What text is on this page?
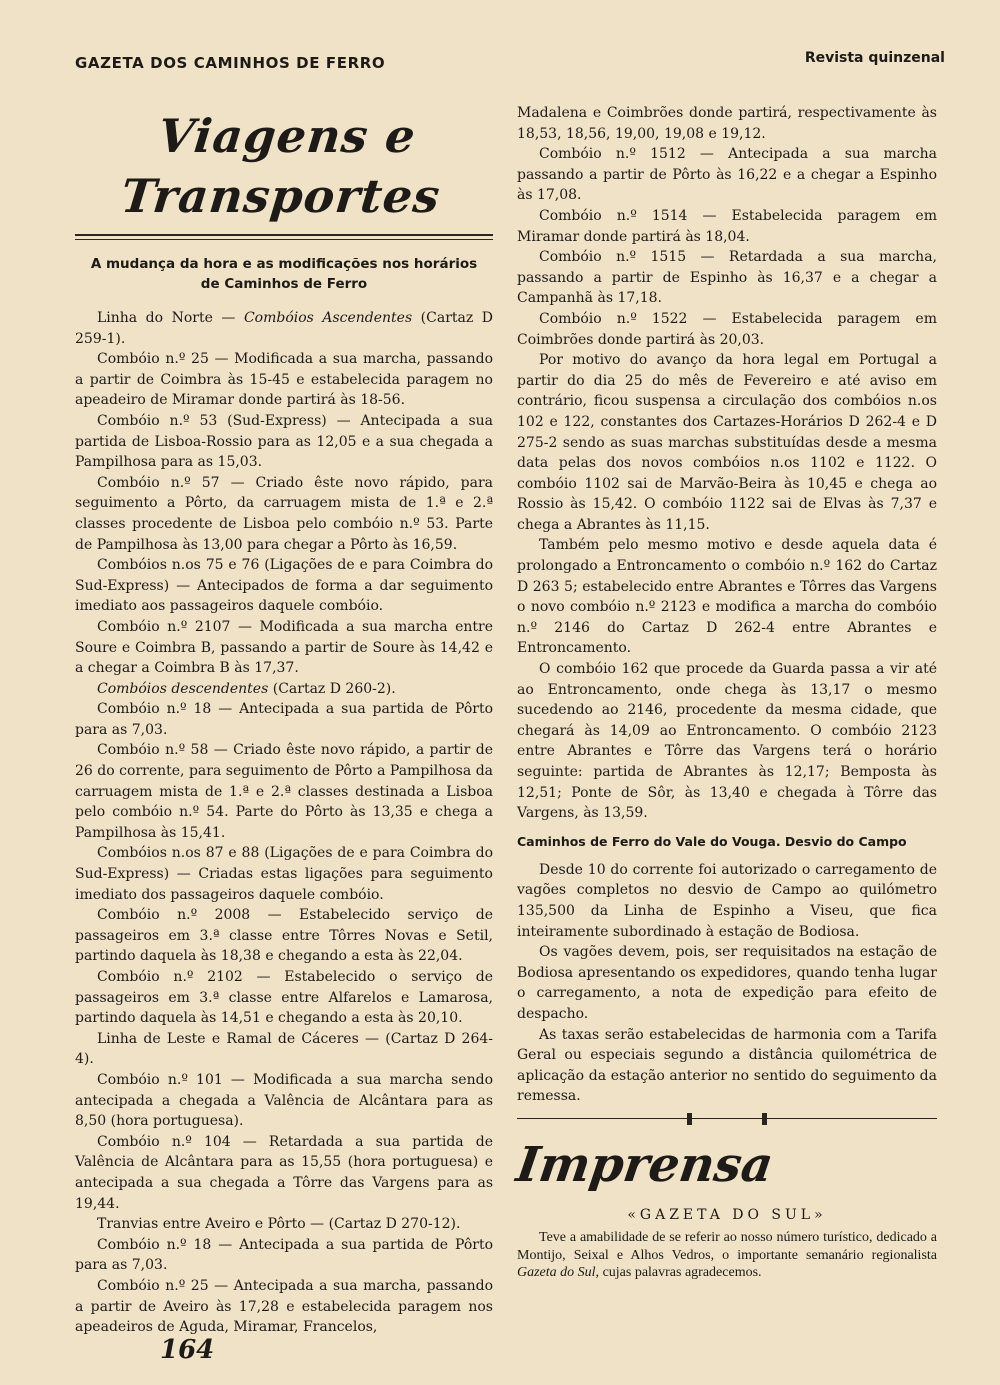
GAZETA DOS CAMINHOS DE FERRO	Revista quinzenal
Viagens e Transportes
A mudança da hora e as modificações nos horários
de Caminhos de Ferro

Linha do Norte — Combóios Ascendentes (Cartaz D 259-1).

Combóio n.º 25 — Modificada a sua marcha, passando a partir de Coimbra às 15-45 e estabelecida paragem no apeadeiro de Miramar donde partirá às 18-56.

Combóio n.º 53 (Sud-Express) — Antecipada a sua partida de Lisboa-Rossio para as 12,05 e a sua chegada a Pampilhosa para as 15,03.

Combóio n.º 57 — Criado êste novo rápido, para seguimento a Pôrto, da carruagem mista de 1.ª e 2.ª classes procedente de Lisboa pelo combóio n.º 53. Parte de Pampilhosa às 13,00 para chegar a Pôrto às 16,59.

Combóios n.os 75 e 76 (Ligações de e para Coimbra do Sud-Express) — Antecipados de forma a dar seguimento imediato aos passageiros daquele combóio.

Combóio n.º 2107 — Modificada a sua marcha entre Soure e Coimbra B, passando a partir de Soure às 14,42 e a chegar a Coimbra B às 17,37.

Combóios descendentes (Cartaz D 260-2).

Combóio n.º 18 — Antecipada a sua partida de Pôrto para as 7,03.

Combóio n.º 58 — Criado êste novo rápido, a partir de 26 do corrente, para seguimento de Pôrto a Pampilhosa da carruagem mista de 1.ª e 2.ª classes destinada a Lisboa pelo combóio n.º 54. Parte do Pôrto às 13,35 e chega a Pampilhosa às 15,41.

Combóios n.os 87 e 88 (Ligações de e para Coimbra do Sud-Express) — Criadas estas ligações para seguimento imediato dos passageiros daquele combóio.

Combóio n.º 2008 — Estabelecido serviço de passageiros em 3.ª classe entre Tôrres Novas e Setil, partindo daquela às 18,38 e chegando a esta às 22,04.

Combóio n.º 2102 — Estabelecido o serviço de passageiros em 3.ª classe entre Alfarelos e Lamarosa, partindo daquela às 14,51 e chegando a esta às 20,10.

Linha de Leste e Ramal de Cáceres — (Cartaz D 264-4).

Combóio n.º 101 — Modificada a sua marcha sendo antecipada a chegada a Valência de Alcântara para as 8,50 (hora portuguesa).

Combóio n.º 104 — Retardada a sua partida de Valência de Alcântara para as 15,55 (hora portuguesa) e antecipada a sua chegada a Tôrre das Vargens para as 19,44.

Tranvias entre Aveiro e Pôrto — (Cartaz D 270-12).

Combóio n.º 18 — Antecipada a sua partida de Pôrto para as 7,03.

Combóio n.º 25 — Antecipada a sua marcha, passando a partir de Aveiro às 17,28 e estabelecida paragem nos apeadeiros de Aguda, Miramar, Francelos,

Madalena e Coimbrões donde partirá, respectivamente às 18,53, 18,56, 19,00, 19,08 e 19,12.

Combóio n.º 1512 — Antecipada a sua marcha passando a partir de Pôrto às 16,22 e a chegar a Espinho às 17,08.

Combóio n.º 1514 — Estabelecida paragem em Miramar donde partirá às 18,04.

Combóio n.º 1515 — Retardada a sua marcha, passando a partir de Espinho às 16,37 e a chegar a Campanhã às 17,18.

Combóio n.º 1522 — Estabelecida paragem em Coimbrões donde partirá às 20,03.

Por motivo do avanço da hora legal em Portugal a partir do dia 25 do mês de Fevereiro e até aviso em contrário, ficou suspensa a circulação dos combóios n.os 102 e 122, constantes dos Cartazes-Horários D 262-4 e D 275-2 sendo as suas marchas substituídas desde a mesma data pelas dos novos combóios n.os 1102 e 1122. O combóio 1102 sai de Marvão-Beira às 10,45 e chega ao Rossio às 15,42. O combóio 1122 sai de Elvas às 7,37 e chega a Abrantes às 11,15.

Também pelo mesmo motivo e desde aquela data é prolongado a Entroncamento o combóio n.º 162 do Cartaz D 263 5; estabelecido entre Abrantes e Tôrres das Vargens o novo combóio n.º 2123 e modifica a marcha do combóio n.º 2146 do Cartaz D 262-4 entre Abrantes e Entroncamento.

O combóio 162 que procede da Guarda passa a vir até ao Entroncamento, onde chega às 13,17 o mesmo sucedendo ao 2146, procedente da mesma cidade, que chegará às 14,09 ao Entroncamento. O combóio 2123 entre Abrantes e Tôrre das Vargens terá o horário seguinte: partida de Abrantes às 12,17; Bemposta às 12,51; Ponte de Sôr, às 13,40 e chegada à Tôrre das Vargens, às 13,59.

Caminhos de Ferro do Vale do Vouga. Desvio do Campo

Desde 10 do corrente foi autorizado o carregamento de vagões completos no desvio de Campo ao quilómetro 135,500 da Linha de Espinho a Viseu, que fica inteiramente subordinado à estação de Bodiosa.

Os vagões devem, pois, ser requisitados na estação de Bodiosa apresentando os expedidores, quando tenha lugar o carregamento, a nota de expedição para efeito de despacho.

As taxas serão estabelecidas de harmonia com a Tarifa Geral ou especiais segundo a distância quilométrica de aplicação da estação anterior no sentido do seguimento da remessa.

Imprensa
«GAZETA DO SUL»

Teve a amabilidade de se referir ao nosso número turístico, dedicado a Montijo, Seixal e Alhos Vedros, o importante semanário regionalista Gazeta do Sul, cujas palavras agradecemos.

164
